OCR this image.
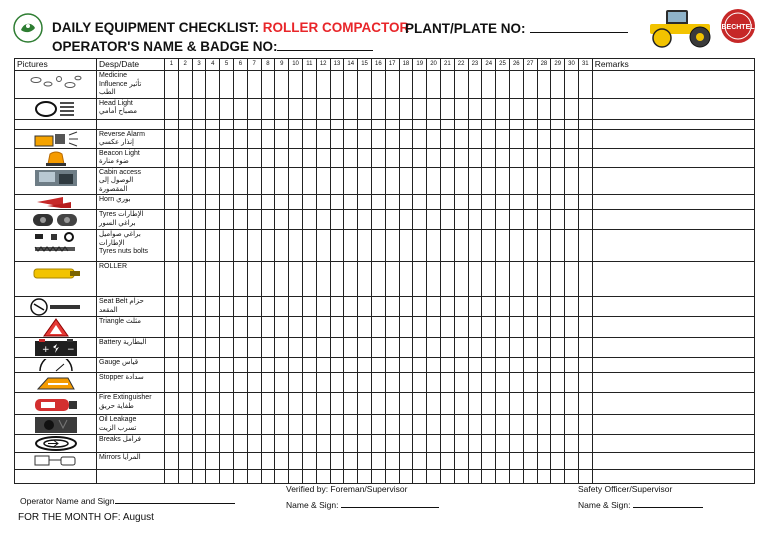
DAILY EQUIPMENT CHECKLIST: ROLLER COMPACTOR
PLANT/PLATE NO:
OPERATOR'S NAME & BADGE NO:
BECHTEL
Pictures	Desp/Date	1	2	3	4	5	6	7	8	9	10	11	12	13	14	15	16	17	18	19	20	21	22	23	24	25	26	27	28	29	30	31	Remarks

	Medicine
Influence تأثير
الطب																																

	Head Light
مصباح أمامي																																

	Reverse Alarm
إنذار عكسي																																

	Beacon Light
ضوء منارة																																

	Cabin access
الوصول إلى المقصورة																																

	Horn بوري																																

	Tyres الإطارات
براغي السور																																

	براغي صواميل
الإطارات
Tyres nuts bolts																																

	ROLLER																																

	Seat Belt حزام المقعد																																

	Triangle مثلث																																

+ −	Battery البطارية																																

	Gauge قياس																																

	Stopper سدادة																																

	Fire Extinguisher
طفاية حريق																																

	Oil Leakage
تسرب الزيت																																

	Breaks فرامل																																

	Mirrors المرايا																																

Operator Name and Sign
Verified by: Foreman/Supervisor
Name & Sign:
Safety Officer/Supervisor
Name & Sign:
FOR THE MONTH OF: August
